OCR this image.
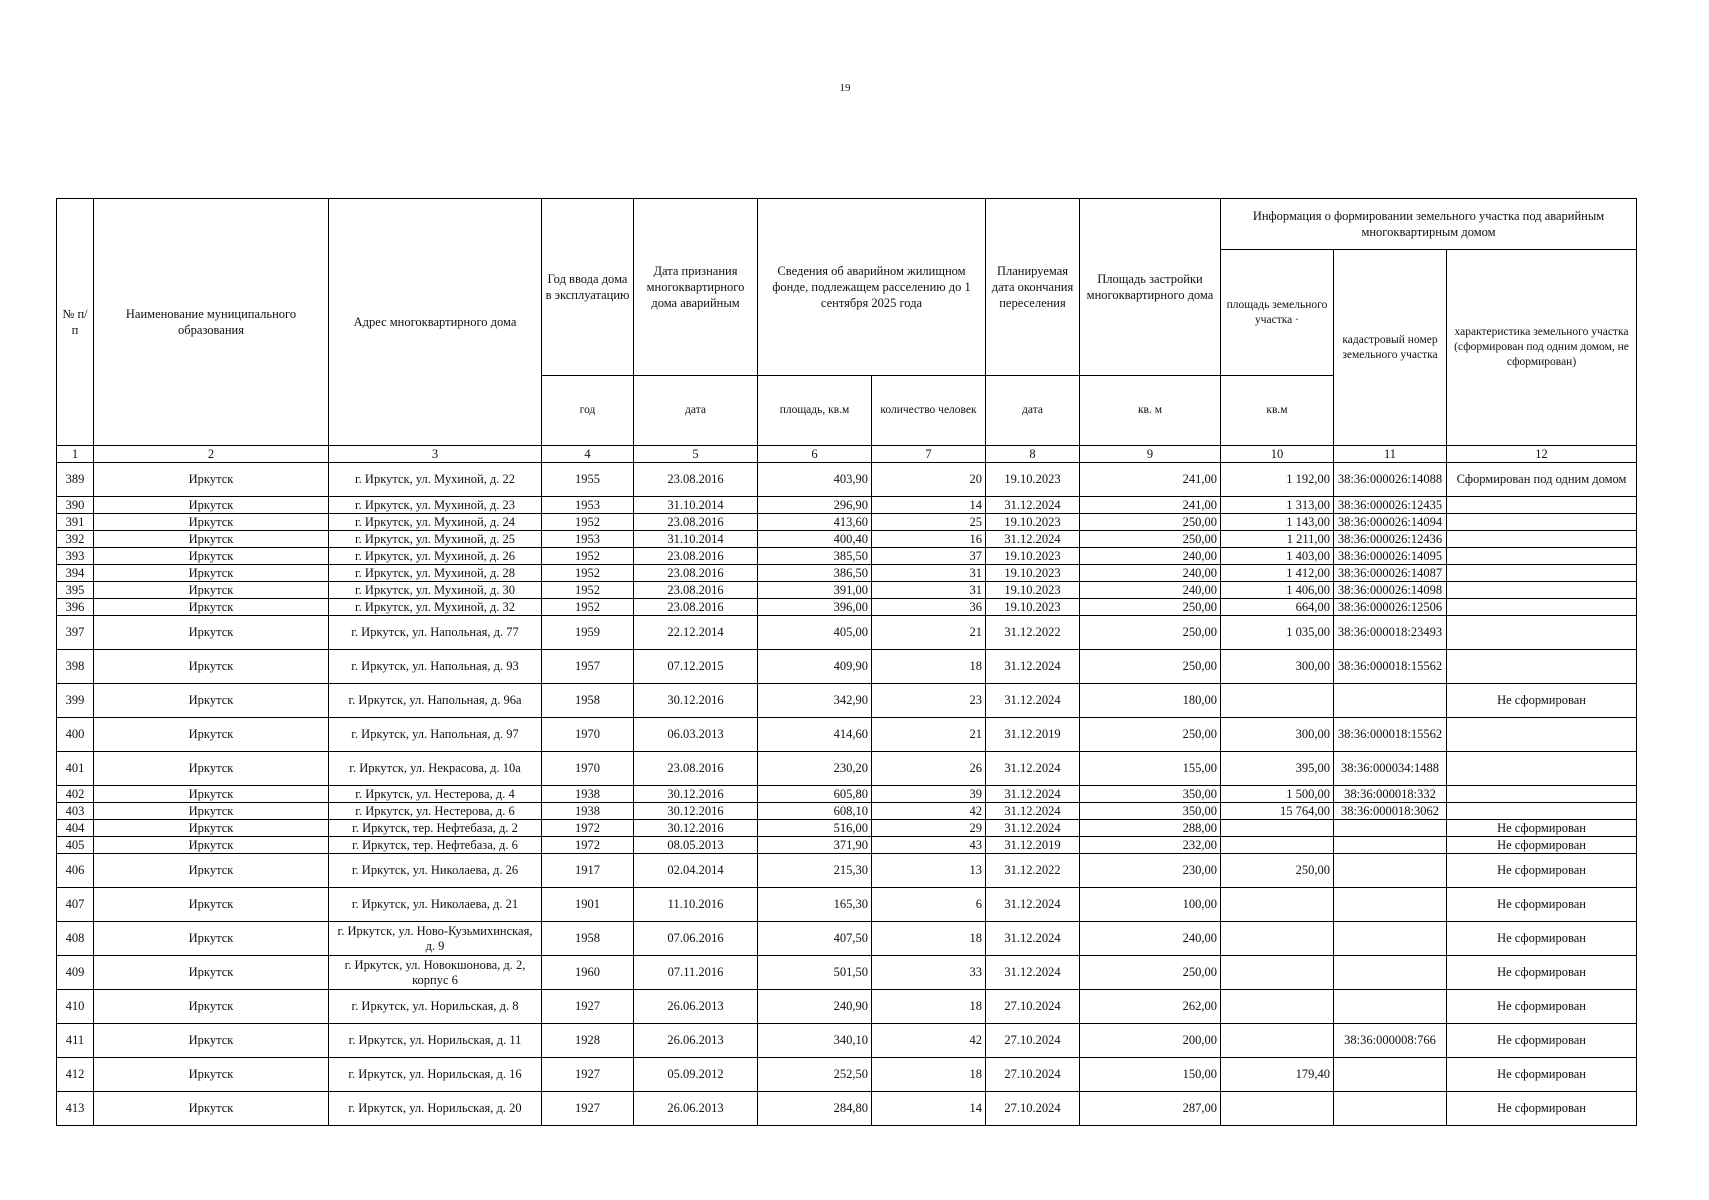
19
№ п/п	Наименование муниципального образования	Адрес многоквартирного дома	Год ввода дома в эксплуатацию	Дата признания многоквартирного дома аварийным	Сведения об аварийном жилищном фонде, подлежащем расселению до 1 сентября 2025 года		Планируемая дата окончания переселения	Площадь застройки многоквартирного дома	Информация о формировании земельного участка под аварийным многоквартирным домом		
									площадь земельного участка ·	кадастровый номер земельного участка	характеристика земельного участка (сформирован под одним домом, не сформирован)
			год	дата	площадь, кв.м	количество человек	дата	кв. м	кв.м		
1	2	3	4	5	6	7	8	9	10	11	12
389	Иркутск	г. Иркутск, ул. Мухиной, д. 22	1955	23.08.2016	403,90	20	19.10.2023	241,00	1 192,00	38:36:000026:14088	Сформирован под одним домом
390	Иркутск	г. Иркутск, ул. Мухиной, д. 23	1953	31.10.2014	296,90	14	31.12.2024	241,00	1 313,00	38:36:000026:12435	
391	Иркутск	г. Иркутск, ул. Мухиной, д. 24	1952	23.08.2016	413,60	25	19.10.2023	250,00	1 143,00	38:36:000026:14094	
392	Иркутск	г. Иркутск, ул. Мухиной, д. 25	1953	31.10.2014	400,40	16	31.12.2024	250,00	1 211,00	38:36:000026:12436	
393	Иркутск	г. Иркутск, ул. Мухиной, д. 26	1952	23.08.2016	385,50	37	19.10.2023	240,00	1 403,00	38:36:000026:14095	
394	Иркутск	г. Иркутск, ул. Мухиной, д. 28	1952	23.08.2016	386,50	31	19.10.2023	240,00	1 412,00	38:36:000026:14087	
395	Иркутск	г. Иркутск, ул. Мухиной, д. 30	1952	23.08.2016	391,00	31	19.10.2023	240,00	1 406,00	38:36:000026:14098	
396	Иркутск	г. Иркутск, ул. Мухиной, д. 32	1952	23.08.2016	396,00	36	19.10.2023	250,00	664,00	38:36:000026:12506	
397	Иркутск	г. Иркутск, ул. Напольная, д. 77	1959	22.12.2014	405,00	21	31.12.2022	250,00	1 035,00	38:36:000018:23493	
398	Иркутск	г. Иркутск, ул. Напольная, д. 93	1957	07.12.2015	409,90	18	31.12.2024	250,00	300,00	38:36:000018:15562	
399	Иркутск	г. Иркутск, ул. Напольная, д. 96а	1958	30.12.2016	342,90	23	31.12.2024	180,00			Не сформирован
400	Иркутск	г. Иркутск, ул. Напольная, д. 97	1970	06.03.2013	414,60	21	31.12.2019	250,00	300,00	38:36:000018:15562	
401	Иркутск	г. Иркутск, ул. Некрасова, д. 10а	1970	23.08.2016	230,20	26	31.12.2024	155,00	395,00	38:36:000034:1488	
402	Иркутск	г. Иркутск, ул. Нестерова, д. 4	1938	30.12.2016	605,80	39	31.12.2024	350,00	1 500,00	38:36:000018:332	
403	Иркутск	г. Иркутск, ул. Нестерова, д. 6	1938	30.12.2016	608,10	42	31.12.2024	350,00	15 764,00	38:36:000018:3062	
404	Иркутск	г. Иркутск, тер. Нефтебаза, д. 2	1972	30.12.2016	516,00	29	31.12.2024	288,00			Не сформирован
405	Иркутск	г. Иркутск, тер. Нефтебаза, д. 6	1972	08.05.2013	371,90	43	31.12.2019	232,00			Не сформирован
406	Иркутск	г. Иркутск, ул. Николаева, д. 26	1917	02.04.2014	215,30	13	31.12.2022	230,00	250,00		Не сформирован
407	Иркутск	г. Иркутск, ул. Николаева, д. 21	1901	11.10.2016	165,30	6	31.12.2024	100,00			Не сформирован
408	Иркутск	г. Иркутск, ул. Ново-Кузьмихинская, д. 9	1958	07.06.2016	407,50	18	31.12.2024	240,00			Не сформирован
409	Иркутск	г. Иркутск, ул. Новокшонова, д. 2, корпус 6	1960	07.11.2016	501,50	33	31.12.2024	250,00			Не сформирован
410	Иркутск	г. Иркутск, ул. Норильская, д. 8	1927	26.06.2013	240,90	18	27.10.2024	262,00			Не сформирован
411	Иркутск	г. Иркутск, ул. Норильская, д. 11	1928	26.06.2013	340,10	42	27.10.2024	200,00		38:36:000008:766	Не сформирован
412	Иркутск	г. Иркутск, ул. Норильская, д. 16	1927	05.09.2012	252,50	18	27.10.2024	150,00	179,40		Не сформирован
413	Иркутск	г. Иркутск, ул. Норильская, д. 20	1927	26.06.2013	284,80	14	27.10.2024	287,00			Не сформирован
